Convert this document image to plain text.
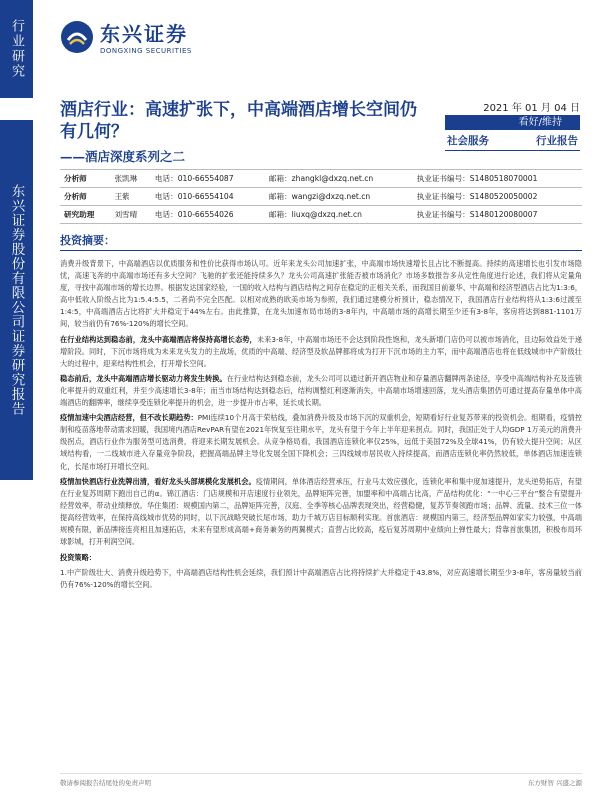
行业研究
东兴证券股份有限公司证券研究报告
东兴证券
DONGXING SECURITIES
酒店行业：高速扩张下，中高端酒店增长空间仍有几何？
——酒店深度系列之二
2021 年 01 月 04 日
看好/维持
社会服务	行业报告
分析师	张凯琳	电话：010-66554087	邮箱：zhangkl@dxzq.net.cn	执业证书编号：S1480518070001
分析师	王紫	电话：010-66554104	邮箱：wangzi@dxzq.net.cn	执业证书编号：S1480520050002
研究助理	刘雪晴	电话：010-66554026	邮箱：liuxq@dxzq.net.cn	执业证书编号：S1480120080007
投资摘要：

消费升级背景下，中高端酒店以优质服务和性价比获得市场认可。近年来龙头公司加速扩张，中高端市场快速增长且占比不断提高。持续的高速增长也引发市场隐忧，高速飞奔的中高端市场还有多大空间？飞驰的扩张还能持续多久？龙头公司高速扩张能否被市场消化？市场多数报告多从定性角度进行论述，我们将从定量角度，寻找中高端市场的增长边界。根据发达国家经验，一国的收入结构与酒店结构之间存在稳定的正相关关系，而我国目前豪华、中高端和经济型酒店占比为1:3:6，高中低收入阶级占比为1:5.4:5.5，二者尚不完全匹配。以相对成熟的欧美市场为参照，我们通过建模分析预计，稳态情况下，我国酒店行业结构将从1:3:6过渡至1:4:5，中高端酒店占比将扩大并稳定于44%左右。由此推算，在龙头加速布局市场的3-8年内，中高端市场的高增长期至少还有3-8年，客房将达到881-1101万间，较当前仍有76%-120%的增长空间。

在行业结构达到稳态前，龙头中高端酒店将保持高增长态势，未来3-8年，中高端市场还不会达到阶段性饱和，龙头新增门店仍可以被市场消化，且边际效益处于递增阶段。同时，下沉市场将成为未来龙头发力的主战场，优质的中高端、经济型及软品牌都将成为打开下沉市场的主力军，而中高端酒店也将在低线城市中产阶级壮大的过程中，迎来结构性机会，打开增长空间。

稳态前后，龙头中高端酒店增长驱动力将发生转换。在行业结构达到稳态前，龙头公司可以通过新开酒店物业和存量酒店翻牌两条途径，享受中高端结构补充及连锁化率提升的双重红利，并至少高速增长3-8年；而当市场结构达到稳态后，结构调整红利逐渐消失，中高端市场增速回落，龙头酒店集团仍可通过提高存量单体中高端酒店的翻牌率，继续享受连锁化率提升的机会，进一步提升市占率，延长成长期。

疫情加速中尖酒店经营，但不改长期趋势：PMI连续10个月高于荣枯线，叠加消费升级及市场下沉的双重机会，短期看好行业复苏带来的投资机会。组期看，疫情控制和疫苗落地带动需求回暖，我国境内酒店RevPAR有望在2021年恢复至往期水平，龙头有望于今年上半年迎来拐点。同时，我国正处于人均GDP 1万美元的消费升级拐点，酒店行业作为服务型可选消费，将迎来长期发展机会。从竞争格局看，我国酒店连锁化率仅25%，远低于美国72%及全球41%，仍有较大提升空间；从区域结构看，一二线城市进入存量竞争阶段，把握高端品牌主导化发展全国下降机会；三四线城市居民收入持续提高，而酒店连锁化率仍然较低，单体酒店加速连锁化，长尾市场打开增长空间。

疫情加快酒店行业洗牌出清，看好龙头头部规模化发展机会。疫情期间，单体酒店经营承压，行业马太效应强化，连锁化率和集中度加速提升，龙头逆势拓店，有望在行业复苏周期下跑出自己的α。锦江酒店：门店规模和开店速度行业领先，品牌矩阵完善，加盟率和中高端占比高，产品结构优化：“一中心三平台”整合有望提升经营效率，带动业绩释放。华住集团：规模国内第二，品牌矩阵完善，汉庭、全季等核心品牌表现突出，经营稳健，复苏节奏领跑市场；品牌、流量、技术三位一体提高经营效率，在保持高线城市优势的同时，以下沉战略突破长尾市场，助力千城万店目标顺利实现。首旅酒店：规模国内第三，经济型品牌如家实力较强，中高端规模有限，新品牌接连亮相且加速拓店，未来有望形成高端+商务兼务的两翼模式；直营占比较高，疫后复苏周期中业绩向上弹性最大；背靠首旅集团，积极布局环球影城，打开利润空间。

投资策略：

1.中产阶级壮大、消费升级趋势下，中高端酒店结构性机会延续，我们预计中高端酒店占比将持续扩大并稳定于43.8%，对应高速增长期至少3-8年，客房量较当前仍有76%-120%的增长空间。

敬请参阅报告结尾处的免责声明	东方财智 兴盛之源
